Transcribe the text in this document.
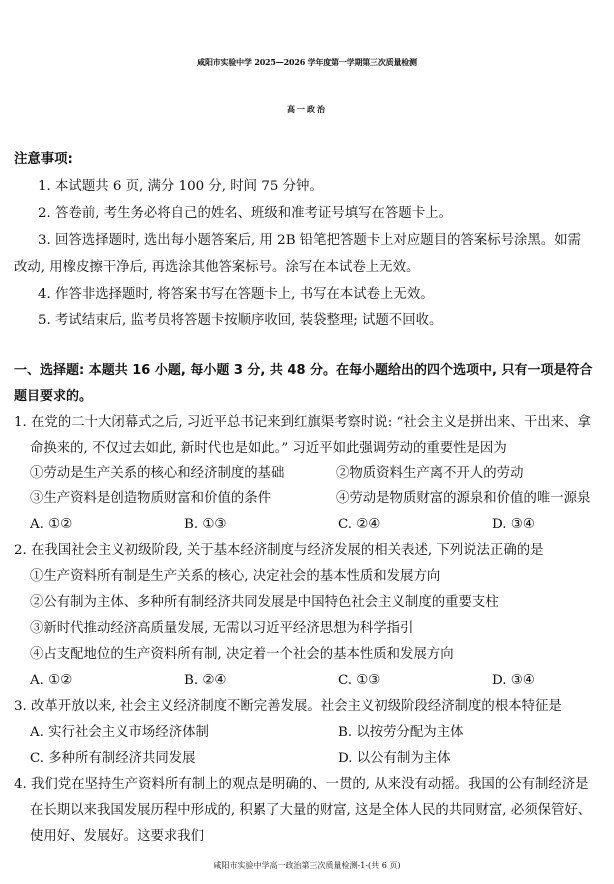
咸阳市实验中学 2025—2026 学年度第一学期第三次质量检测
高一政治
注意事项:
1. 本试题共 6 页, 满分 100 分, 时间 75 分钟。
2. 答卷前, 考生务必将自己的姓名、班级和准考证号填写在答题卡上。
3. 回答选择题时, 选出每小题答案后, 用 2B 铅笔把答题卡上对应题目的答案标号涂黑。如需
改动, 用橡皮擦干净后, 再选涂其他答案标号。涂写在本试卷上无效。
4. 作答非选择题时, 将答案书写在答题卡上, 书写在本试卷上无效。
5. 考试结束后, 监考员将答题卡按顺序收回, 装袋整理; 试题不回收。
一、选择题: 本题共 16 小题, 每小题 3 分, 共 48 分。在每小题给出的四个选项中, 只有一项是符合
题目要求的。
1. 在党的二十大闭幕式之后, 习近平总书记来到红旗渠考察时说: “社会主义是拼出来、干出来、拿
命换来的, 不仅过去如此, 新时代也是如此。” 习近平如此强调劳动的重要性是因为
①劳动是生产关系的核心和经济制度的基础	②物质资料生产离不开人的劳动
③生产资料是创造物质财富和价值的条件	④劳动是物质财富的源泉和价值的唯一源泉
A. ①②	B. ①③	C. ②④	D. ③④
2. 在我国社会主义初级阶段, 关于基本经济制度与经济发展的相关表述, 下列说法正确的是
①生产资料所有制是生产关系的核心, 决定社会的基本性质和发展方向
②公有制为主体、多种所有制经济共同发展是中国特色社会主义制度的重要支柱
③新时代推动经济高质量发展, 无需以习近平经济思想为科学指引
④占支配地位的生产资料所有制, 决定着一个社会的基本性质和发展方向
A. ①②	B. ②④	C. ①③	D. ③④
3. 改革开放以来, 社会主义经济制度不断完善发展。社会主义初级阶段经济制度的根本特征是
A. 实行社会主义市场经济体制	B. 以按劳分配为主体
C. 多种所有制经济共同发展	D. 以公有制为主体
4. 我们党在坚持生产资料所有制上的观点是明确的、一贯的, 从来没有动摇。我国的公有制经济是
在长期以来我国发展历程中形成的, 积累了大量的财富, 这是全体人民的共同财富, 必须保管好、
使用好、发展好。这要求我们
咸阳市实验中学高一政治第三次质量检测-1-(共 6 页)
